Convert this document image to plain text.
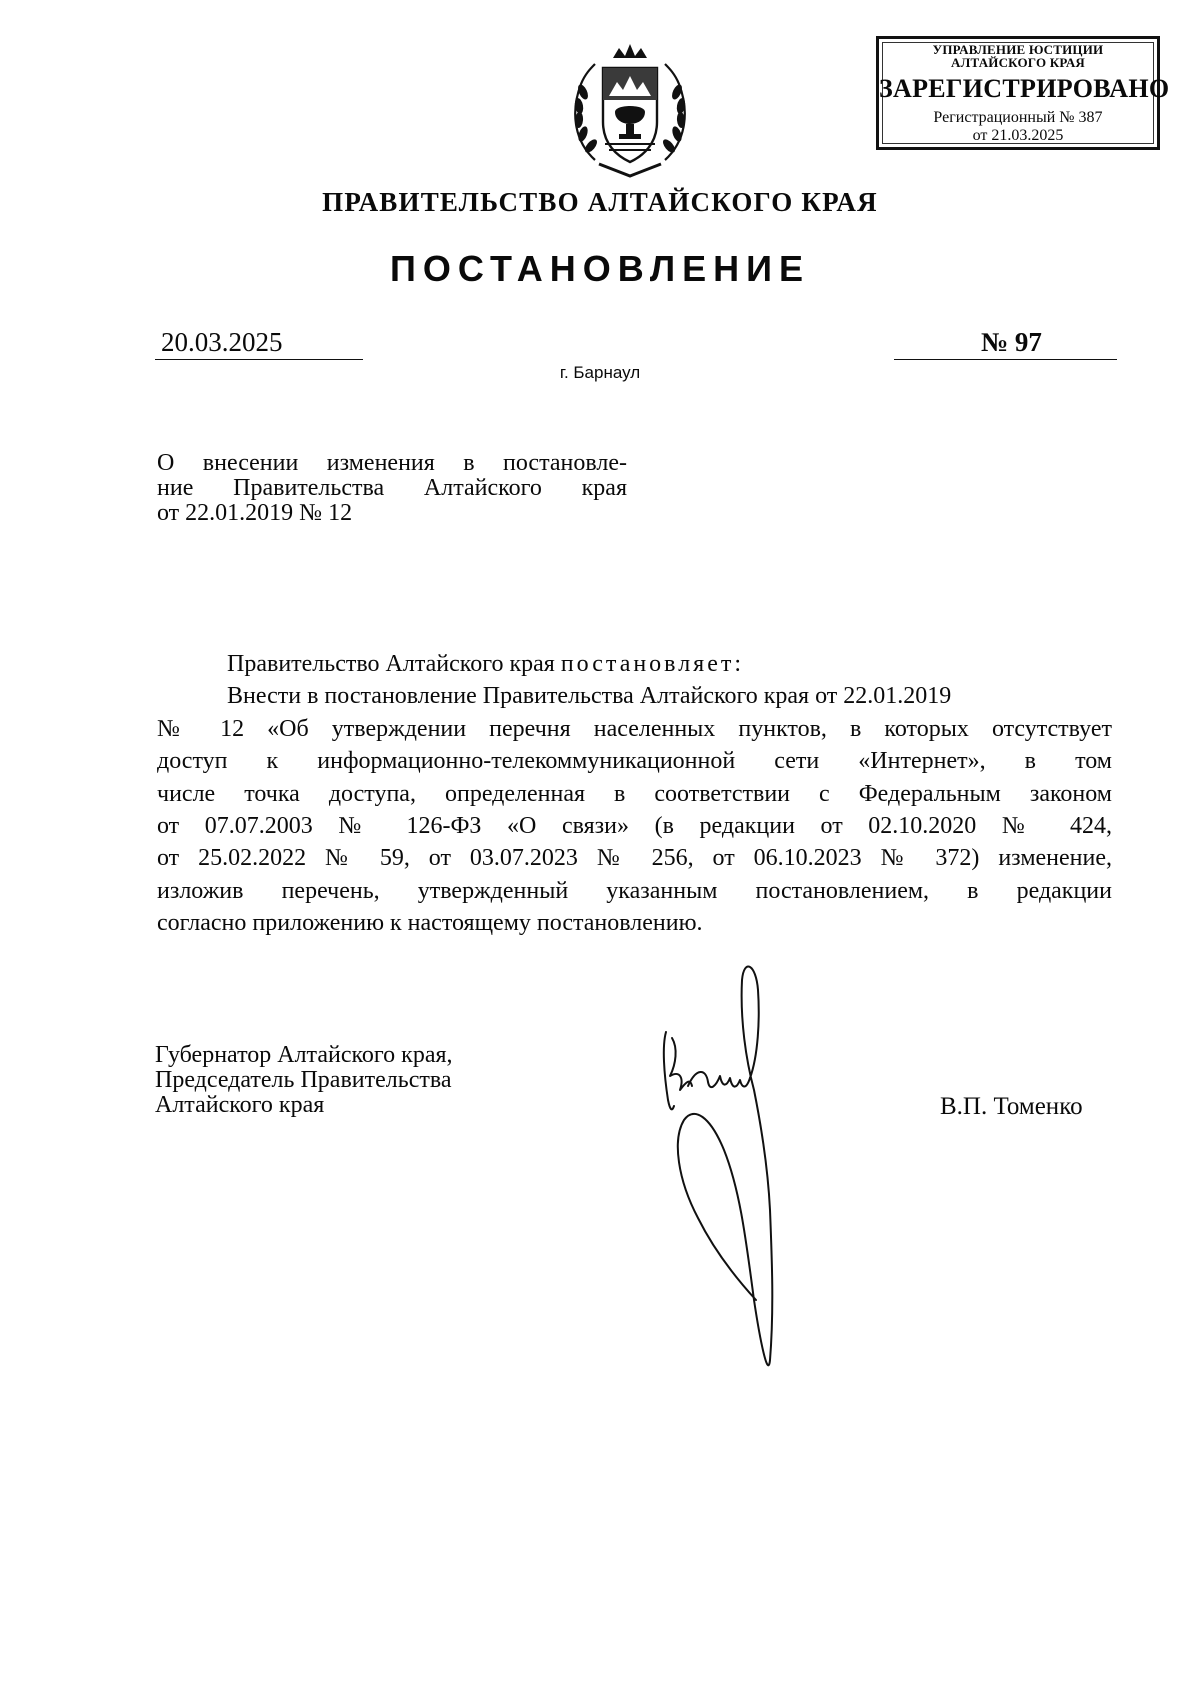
УПРАВЛЕНИЕ ЮСТИЦИИ
АЛТАЙСКОГО КРАЯ
ЗАРЕГИСТРИРОВАНО
Регистрационный № 387
от 21.03.2025
ПРАВИТЕЛЬСТВО АЛТАЙСКОГО КРАЯ
ПОСТАНОВЛЕНИЕ
20.03.2025	№ 97
г. Барнаул
О внесении изменения в постановле-
ние Правительства Алтайского края
от 22.01.2019 № 12
Правительство Алтайского края постановляет:
Внести в постановление Правительства Алтайского края от 22.01.2019
№ 12 «Об утверждении перечня населенных пунктов, в которых отсутствует
доступ к информационно-телекоммуникационной сети «Интернет», в том
числе точка доступа, определенная в соответствии с Федеральным законом
от 07.07.2003 № 126-ФЗ «О связи» (в редакции от 02.10.2020 № 424,
от 25.02.2022 № 59, от 03.07.2023 № 256, от 06.10.2023 № 372) изменение,
изложив перечень, утвержденный указанным постановлением, в редакции
согласно приложению к настоящему постановлению.
Губернатор Алтайского края,
Председатель Правительства
Алтайского края	В.П. Томенко
